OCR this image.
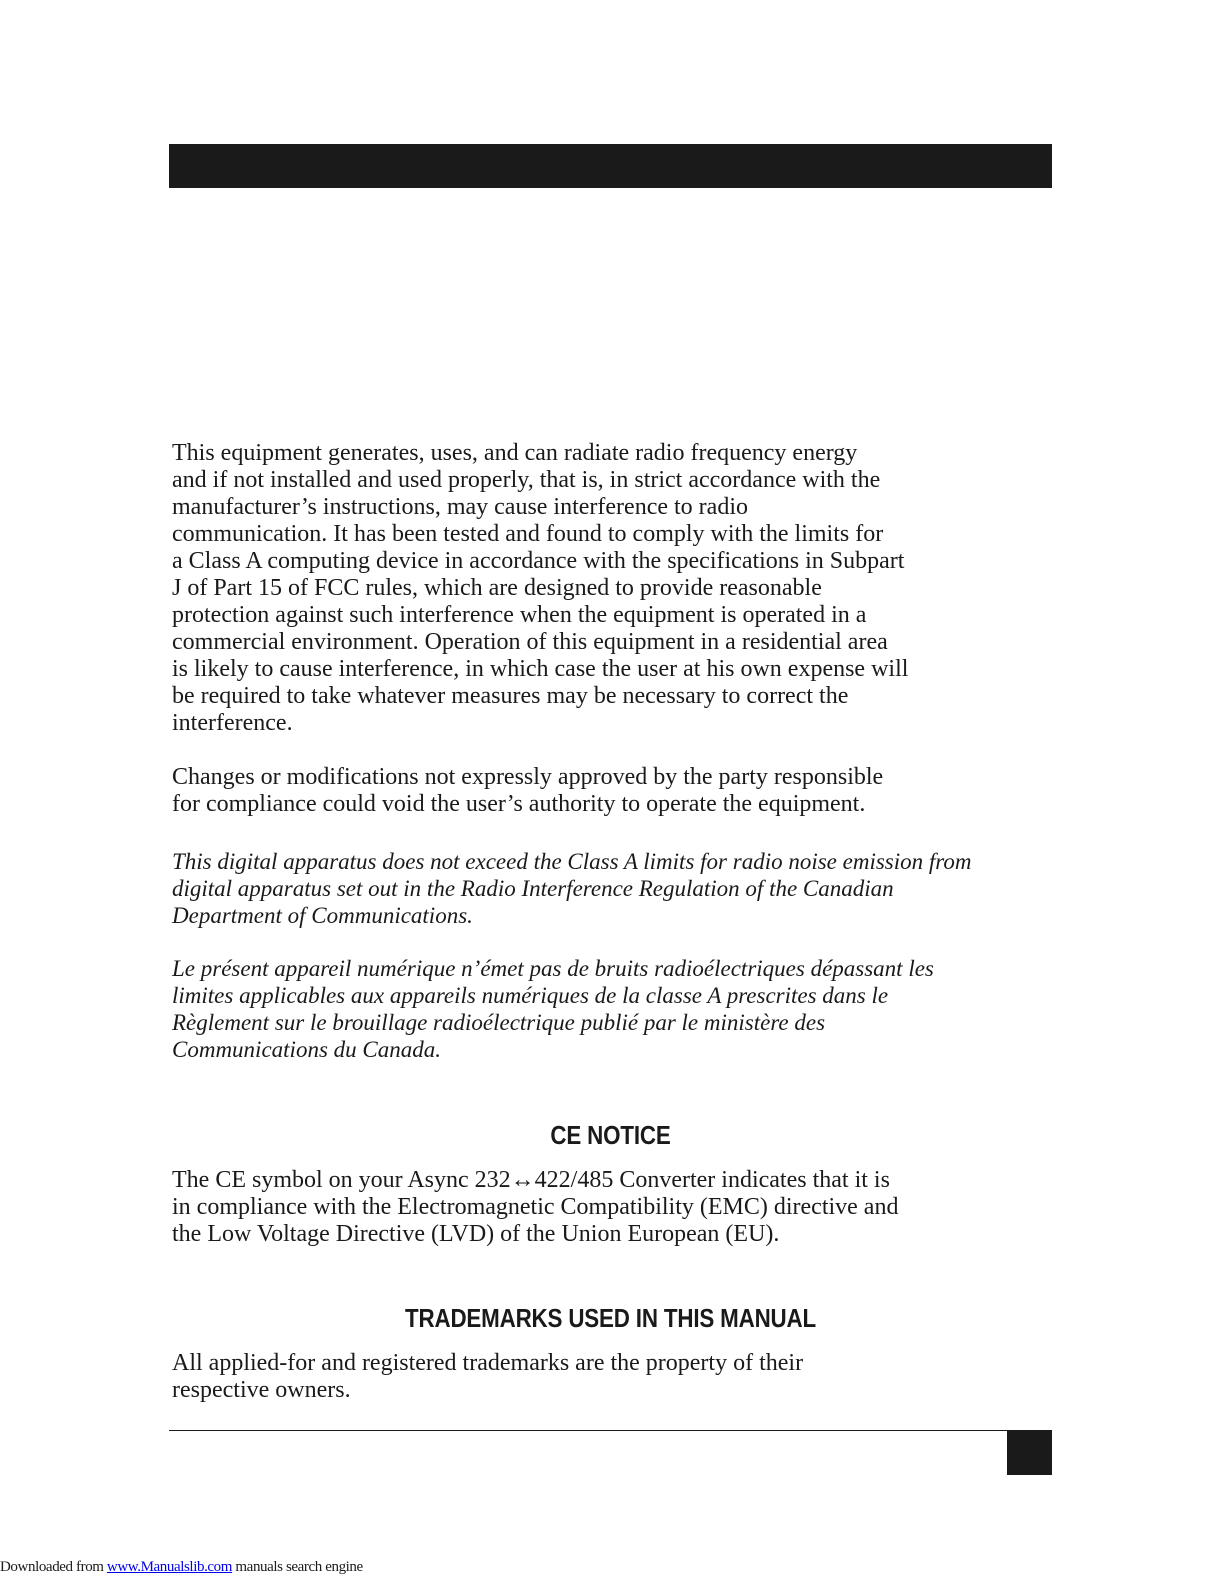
This equipment generates, uses, and can radiate radio frequency energy
and if not installed and used properly, that is, in strict accordance with the
manufacturer’s instructions, may cause interference to radio
communication. It has been tested and found to comply with the limits for
a Class A computing device in accordance with the specifications in Subpart
J of Part 15 of FCC rules, which are designed to provide reasonable
protection against such interference when the equipment is operated in a
commercial environment. Operation of this equipment in a residential area
is likely to cause interference, in which case the user at his own expense will
be required to take whatever measures may be necessary to correct the
interference.

Changes or modifications not expressly approved by the party responsible
for compliance could void the user’s authority to operate the equipment.

This digital apparatus does not exceed the Class A limits for radio noise emission from
digital apparatus set out in the Radio Interference Regulation of the Canadian
Department of Communications.

Le présent appareil numérique n’émet pas de bruits radioélectriques dépassant les
limites applicables aux appareils numériques de la classe A prescrites dans le
Règlement sur le brouillage radioélectrique publié par le ministère des
Communications du Canada.

CE NOTICE

The CE symbol on your Async 232↔422/485 Converter indicates that it is
in compliance with the Electromagnetic Compatibility (EMC) directive and
the Low Voltage Directive (LVD) of the Union European (EU).

TRADEMARKS USED IN THIS MANUAL

All applied-for and registered trademarks are the property of their
respective owners.

Downloaded from www.Manualslib.com manuals search engine
